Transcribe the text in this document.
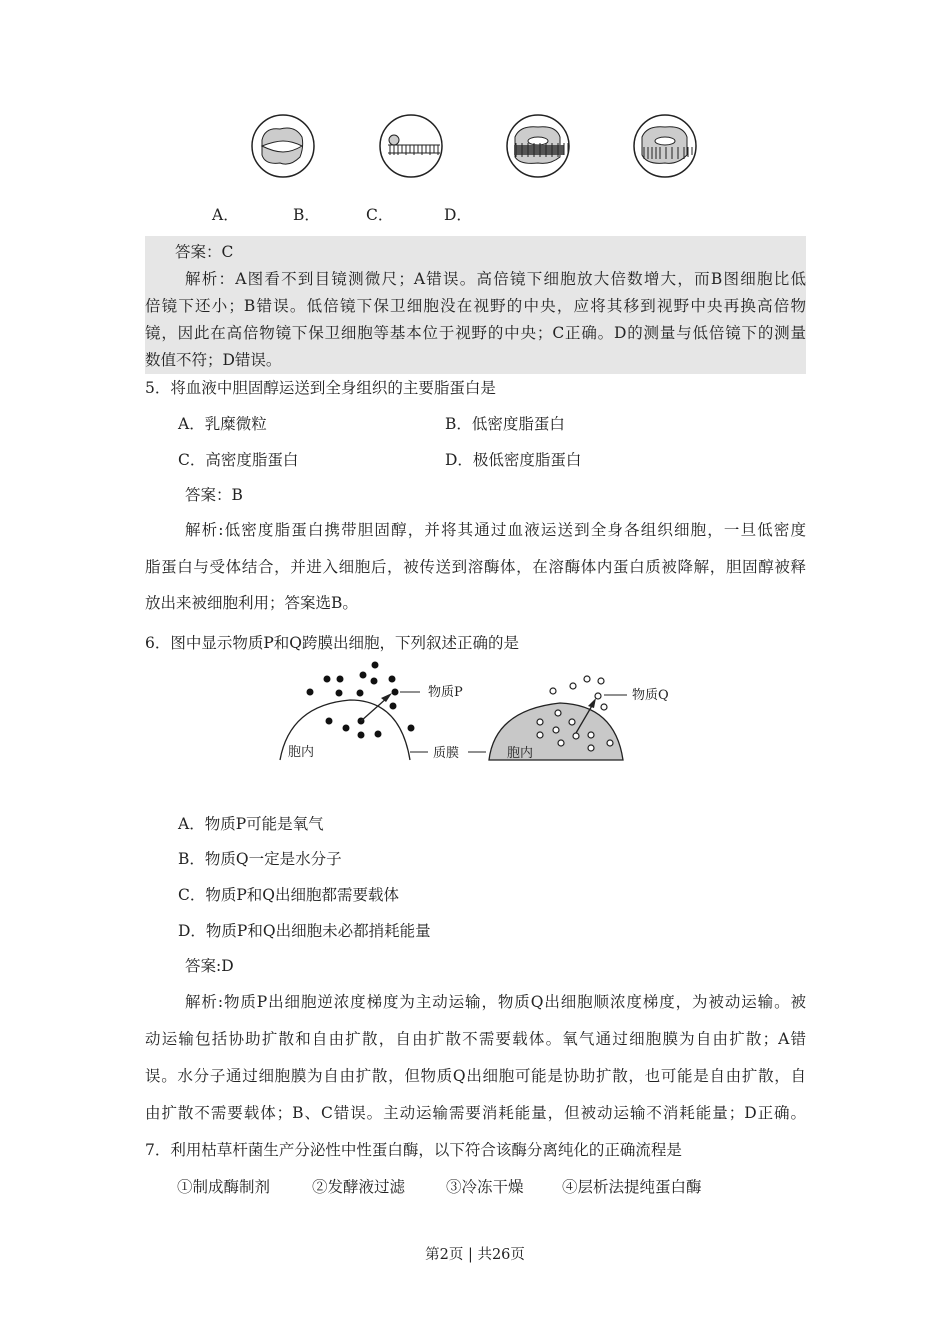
A．	B．	C．	D．
答案：C
解析：A图看不到目镜测微尺；A错误。高倍镜下细胞放大倍数增大，而B图细胞比低
倍镜下还小；B错误。低倍镜下保卫细胞没在视野的中央，应将其移到视野中央再换高倍物
镜，因此在高倍物镜下保卫细胞等基本位于视野的中央；C正确。D的测量与低倍镜下的测量
数值不符；D错误。
5．将血液中胆固醇运送到全身组织的主要脂蛋白是
A．乳糜微粒	B．低密度脂蛋白
C．高密度脂蛋白	D．极低密度脂蛋白
答案：B
解析:低密度脂蛋白携带胆固醇，并将其通过血液运送到全身各组织细胞，一旦低密度
脂蛋白与受体结合，并进入细胞后，被传送到溶酶体，在溶酶体内蛋白质被降解，胆固醇被释
放出来被细胞利用；答案选B。
6．图中显示物质P和Q跨膜出细胞，下列叙述正确的是
物质P
胞内	质膜
物质Q
胞内
A．物质P可能是氧气
B．物质Q一定是水分子
C．物质P和Q出细胞都需要载体
D．物质P和Q出细胞未必都捎耗能量
答案:D
解析:物质P出细胞逆浓度梯度为主动运输，物质Q出细胞顺浓度梯度，为被动运输。被
动运输包括协助扩散和自由扩散，自由扩散不需要载体。氧气通过细胞膜为自由扩散；A错
误。水分子通过细胞膜为自由扩散，但物质Q出细胞可能是协助扩散，也可能是自由扩散，自
由扩散不需要载体；B、C错误。主动运输需要消耗能量，但被动运输不消耗能量；D正确。
7．利用枯草杆菌生产分泌性中性蛋白酶，以下符合该酶分离纯化的正确流程是
①制成酶制剂	②发酵液过滤	③冷冻干燥 ④层析法提纯蛋白酶
第2页 | 共26页
